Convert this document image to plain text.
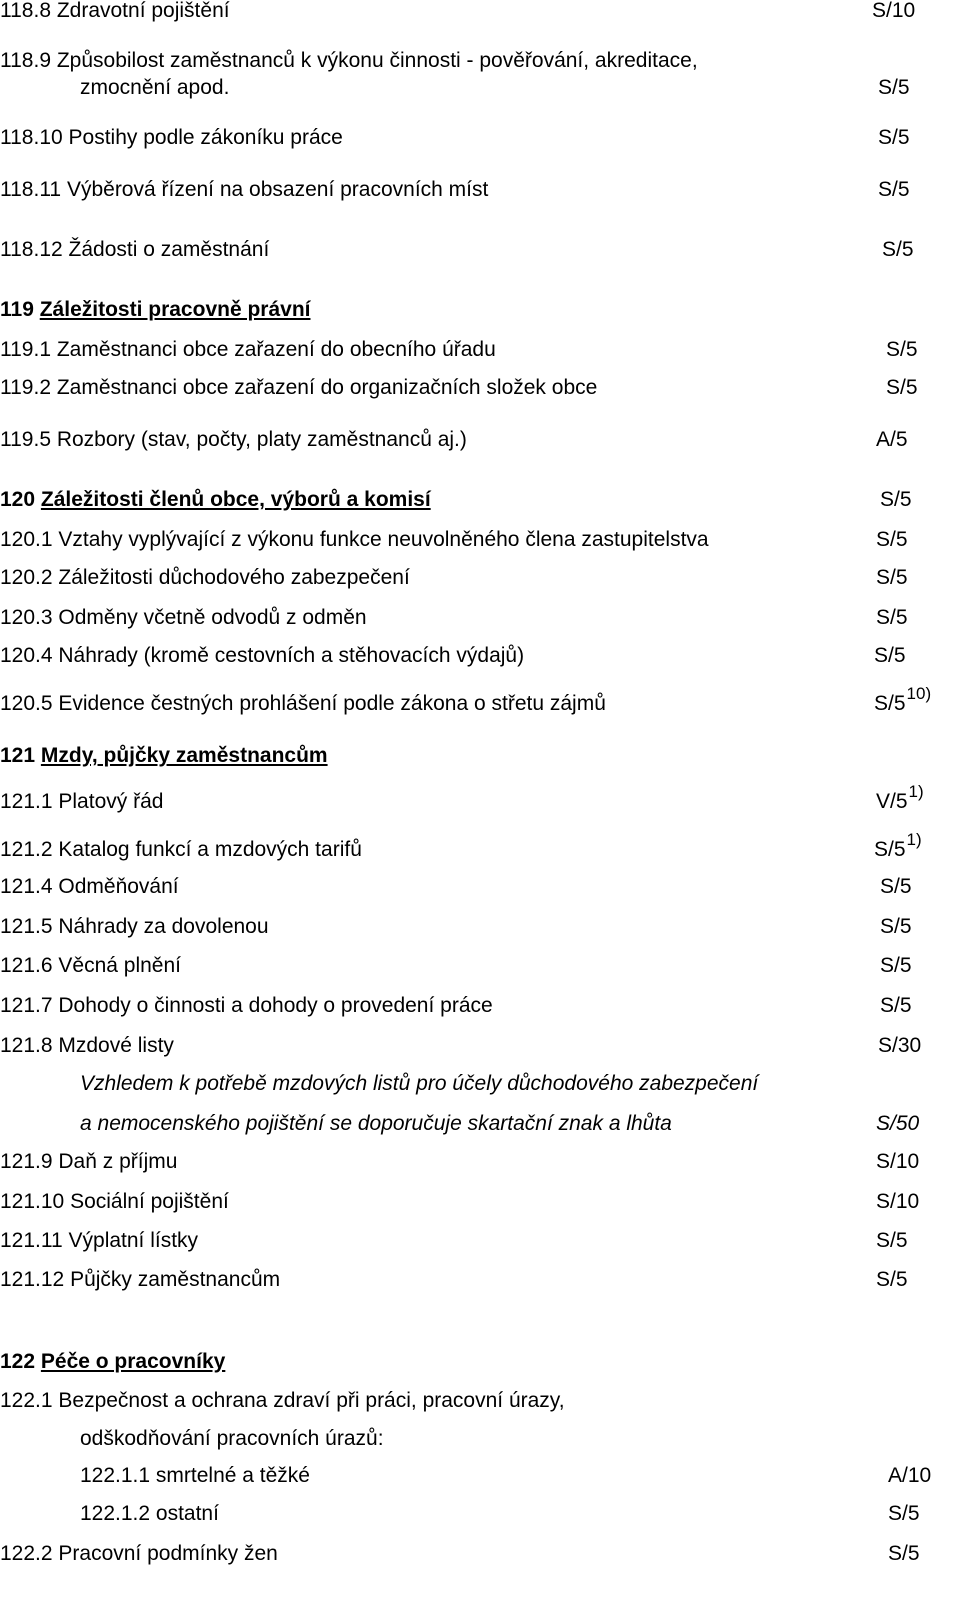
118.8 Zdravotní pojištění	S/10
118.9 Způsobilost zaměstnanců k výkonu činnosti - pověřování, akreditace,
zmocnění apod.	S/5
118.10 Postihy podle zákoníku práce	S/5
118.11 Výběrová řízení na obsazení pracovních míst	S/5
118.12 Žádosti o zaměstnání	S/5
119 Záležitosti pracovně právní
119.1 Zaměstnanci obce zařazení do obecního úřadu	S/5
119.2 Zaměstnanci obce zařazení do organizačních složek obce	S/5
119.5 Rozbory (stav, počty, platy zaměstnanců aj.)	A/5
120 Záležitosti členů obce, výborů a komisí	S/5
120.1 Vztahy vyplývající z výkonu funkce neuvolněného člena zastupitelstva	S/5
120.2 Záležitosti důchodového zabezpečení	S/5
120.3 Odměny včetně odvodů z odměn	S/5
120.4 Náhrady (kromě cestovních a stěhovacích výdajů)	S/5
120.5 Evidence čestných prohlášení podle zákona o střetu zájmů	S/5$^{10)}$
121 Mzdy, půjčky zaměstnancům
121.1 Platový řád	V/5$^{1)}$
121.2 Katalog funkcí a mzdových tarifů	S/5$^{1)}$
121.4 Odměňování	S/5
121.5 Náhrady za dovolenou	S/5
121.6 Věcná plnění	S/5
121.7 Dohody o činnosti a dohody o provedení práce	S/5
121.8 Mzdové listy	S/30
Vzhledem k potřebě mzdových listů pro účely důchodového zabezpečení
a nemocenského pojištění se doporučuje skartační znak a lhůta	S/50
121.9 Daň z příjmu	S/10
121.10 Sociální pojištění	S/10
121.11 Výplatní lístky	S/5
121.12 Půjčky zaměstnancům	S/5
122 Péče o pracovníky
122.1 Bezpečnost a ochrana zdraví při práci, pracovní úrazy,
odškodňování pracovních úrazů:
122.1.1 smrtelné a těžké	A/10
122.1.2 ostatní	S/5
122.2 Pracovní podmínky žen	S/5
